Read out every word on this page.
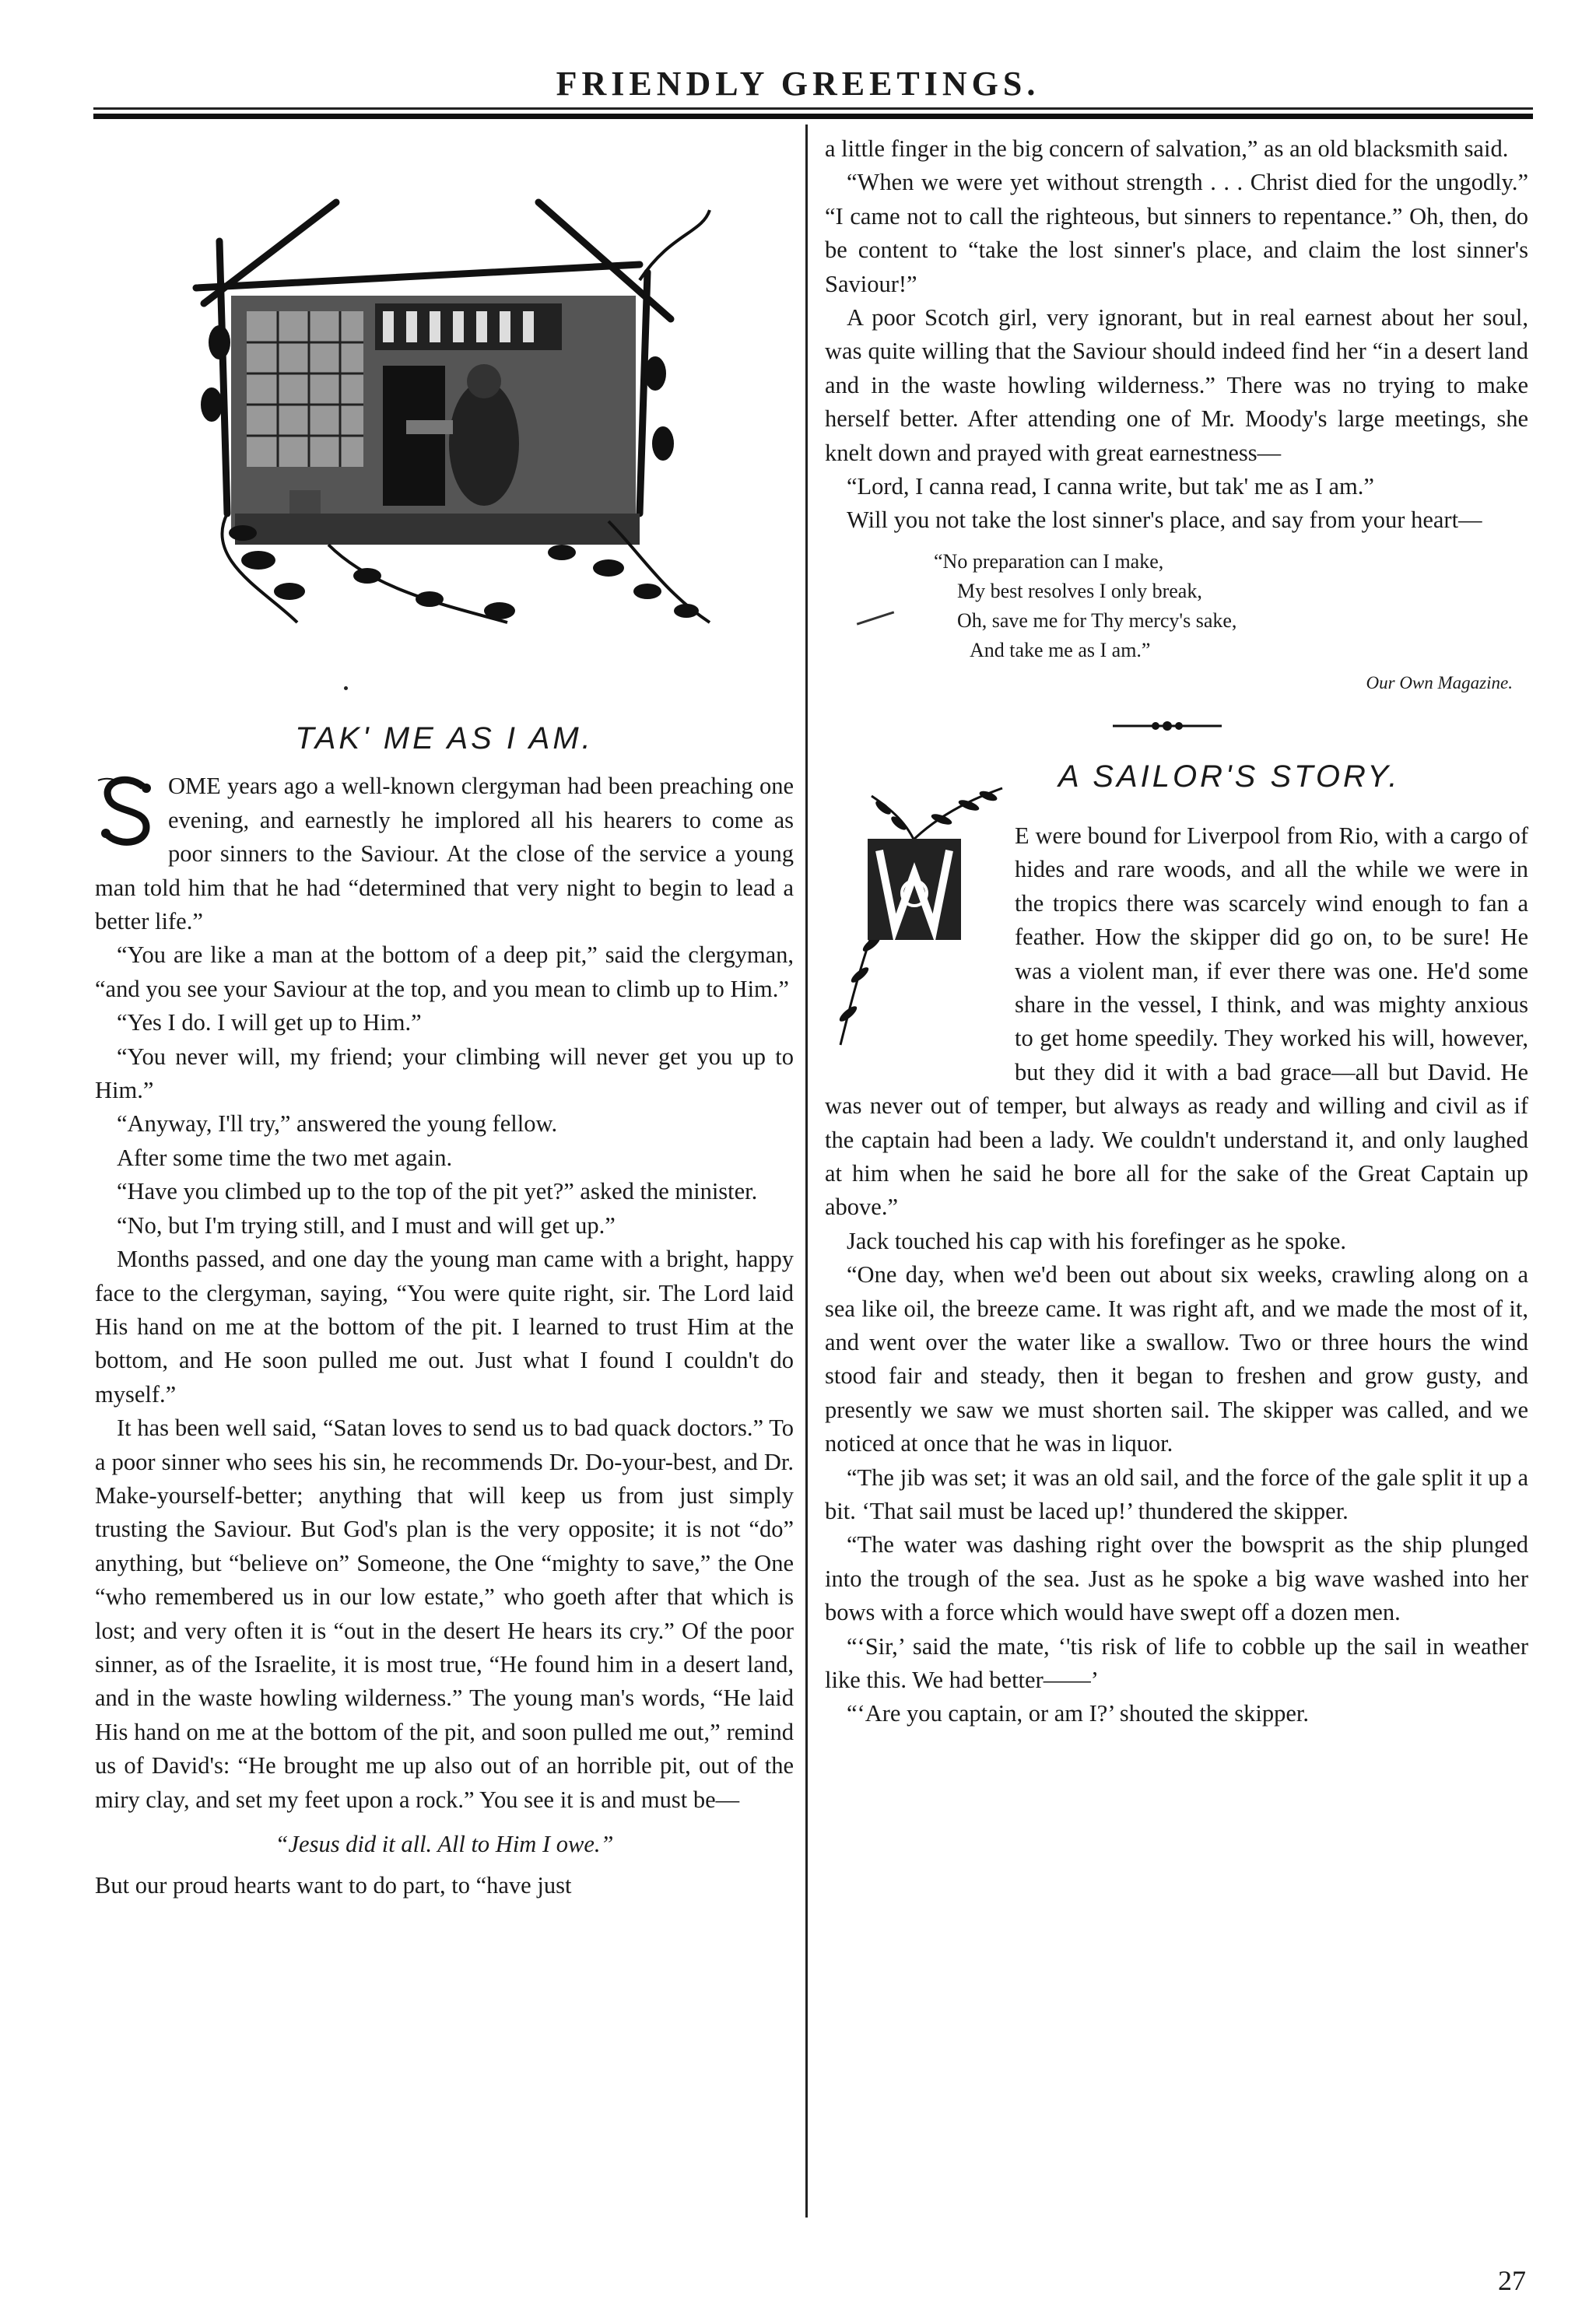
FRIENDLY GREETINGS.
TAK' ME AS I AM.

OME years ago a well-known clergyman had been preaching one evening, and earnestly he implored all his hearers to come as poor sinners to the Saviour. At the close of the service a young man told him that he had “determined that very night to begin to lead a better life.”

“You are like a man at the bottom of a deep pit,” said the clergyman, “and you see your Saviour at the top, and you mean to climb up to Him.”

“Yes I do. I will get up to Him.”

“You never will, my friend; your climbing will never get you up to Him.”

“Anyway, I'll try,” answered the young fellow.

After some time the two met again.

“Have you climbed up to the top of the pit yet?” asked the minister.

“No, but I'm trying still, and I must and will get up.”

Months passed, and one day the young man came with a bright, happy face to the clergyman, saying, “You were quite right, sir. The Lord laid His hand on me at the bottom of the pit. I learned to trust Him at the bottom, and He soon pulled me out. Just what I found I couldn't do myself.”

It has been well said, “Satan loves to send us to bad quack doctors.” To a poor sinner who sees his sin, he recommends Dr. Do-your-best, and Dr. Make-yourself-better; anything that will keep us from just simply trusting the Saviour. But God's plan is the very opposite; it is not “do” anything, but “believe on” Someone, the One “mighty to save,” the One “who remembered us in our low estate,” who goeth after that which is lost; and very often it is “out in the desert He hears its cry.” Of the poor sinner, as of the Israelite, it is most true, “He found him in a desert land, and in the waste howling wilderness.” The young man's words, “He laid His hand on me at the bottom of the pit, and soon pulled me out,” remind us of David's: “He brought me up also out of an horrible pit, out of the miry clay, and set my feet upon a rock.” You see it is and must be—

“Jesus did it all. All to Him I owe.”

But our proud hearts want to do part, to “have just

a little finger in the big concern of salvation,” as an old blacksmith said.

“When we were yet without strength . . . Christ died for the ungodly.” “I came not to call the righteous, but sinners to repentance.” Oh, then, do be content to “take the lost sinner's place, and claim the lost sinner's Saviour!”

A poor Scotch girl, very ignorant, but in real earnest about her soul, was quite willing that the Saviour should indeed find her “in a desert land and in the waste howling wilderness.” There was no trying to make herself better. After attending one of Mr. Moody's large meetings, she knelt down and prayed with great earnestness—

“Lord, I canna read, I canna write, but tak' me as I am.”

Will you not take the lost sinner's place, and say from your heart—

“No preparation can I make,
My best resolves I only break,
Oh, save me for Thy mercy's sake,
And take me as I am.”
Our Own Magazine.
A SAILOR'S STORY.

E were bound for Liverpool from Rio, with a cargo of hides and rare woods, and all the while we were in the tropics there was scarcely wind enough to fan a feather. How the skipper did go on, to be sure! He was a violent man, if ever there was one. He'd some share in the vessel, I think, and was mighty anxious to get home speedily. They worked his will, however, but they did it with a bad grace—all but David. He was never out of temper, but always as ready and willing and civil as if the captain had been a lady. We couldn't understand it, and only laughed at him when he said he bore all for the sake of the Great Captain up above.”

Jack touched his cap with his forefinger as he spoke.

“One day, when we'd been out about six weeks, crawling along on a sea like oil, the breeze came. It was right aft, and we made the most of it, and went over the water like a swallow. Two or three hours the wind stood fair and steady, then it began to freshen and grow gusty, and presently we saw we must shorten sail. The skipper was called, and we noticed at once that he was in liquor.

“The jib was set; it was an old sail, and the force of the gale split it up a bit. ‘That sail must be laced up!’ thundered the skipper.

“The water was dashing right over the bowsprit as the ship plunged into the trough of the sea. Just as he spoke a big wave washed into her bows with a force which would have swept off a dozen men.

“‘Sir,’ said the mate, ‘'tis risk of life to cobble up the sail in weather like this. We had better——’

“‘Are you captain, or am I?’ shouted the skipper.

27
